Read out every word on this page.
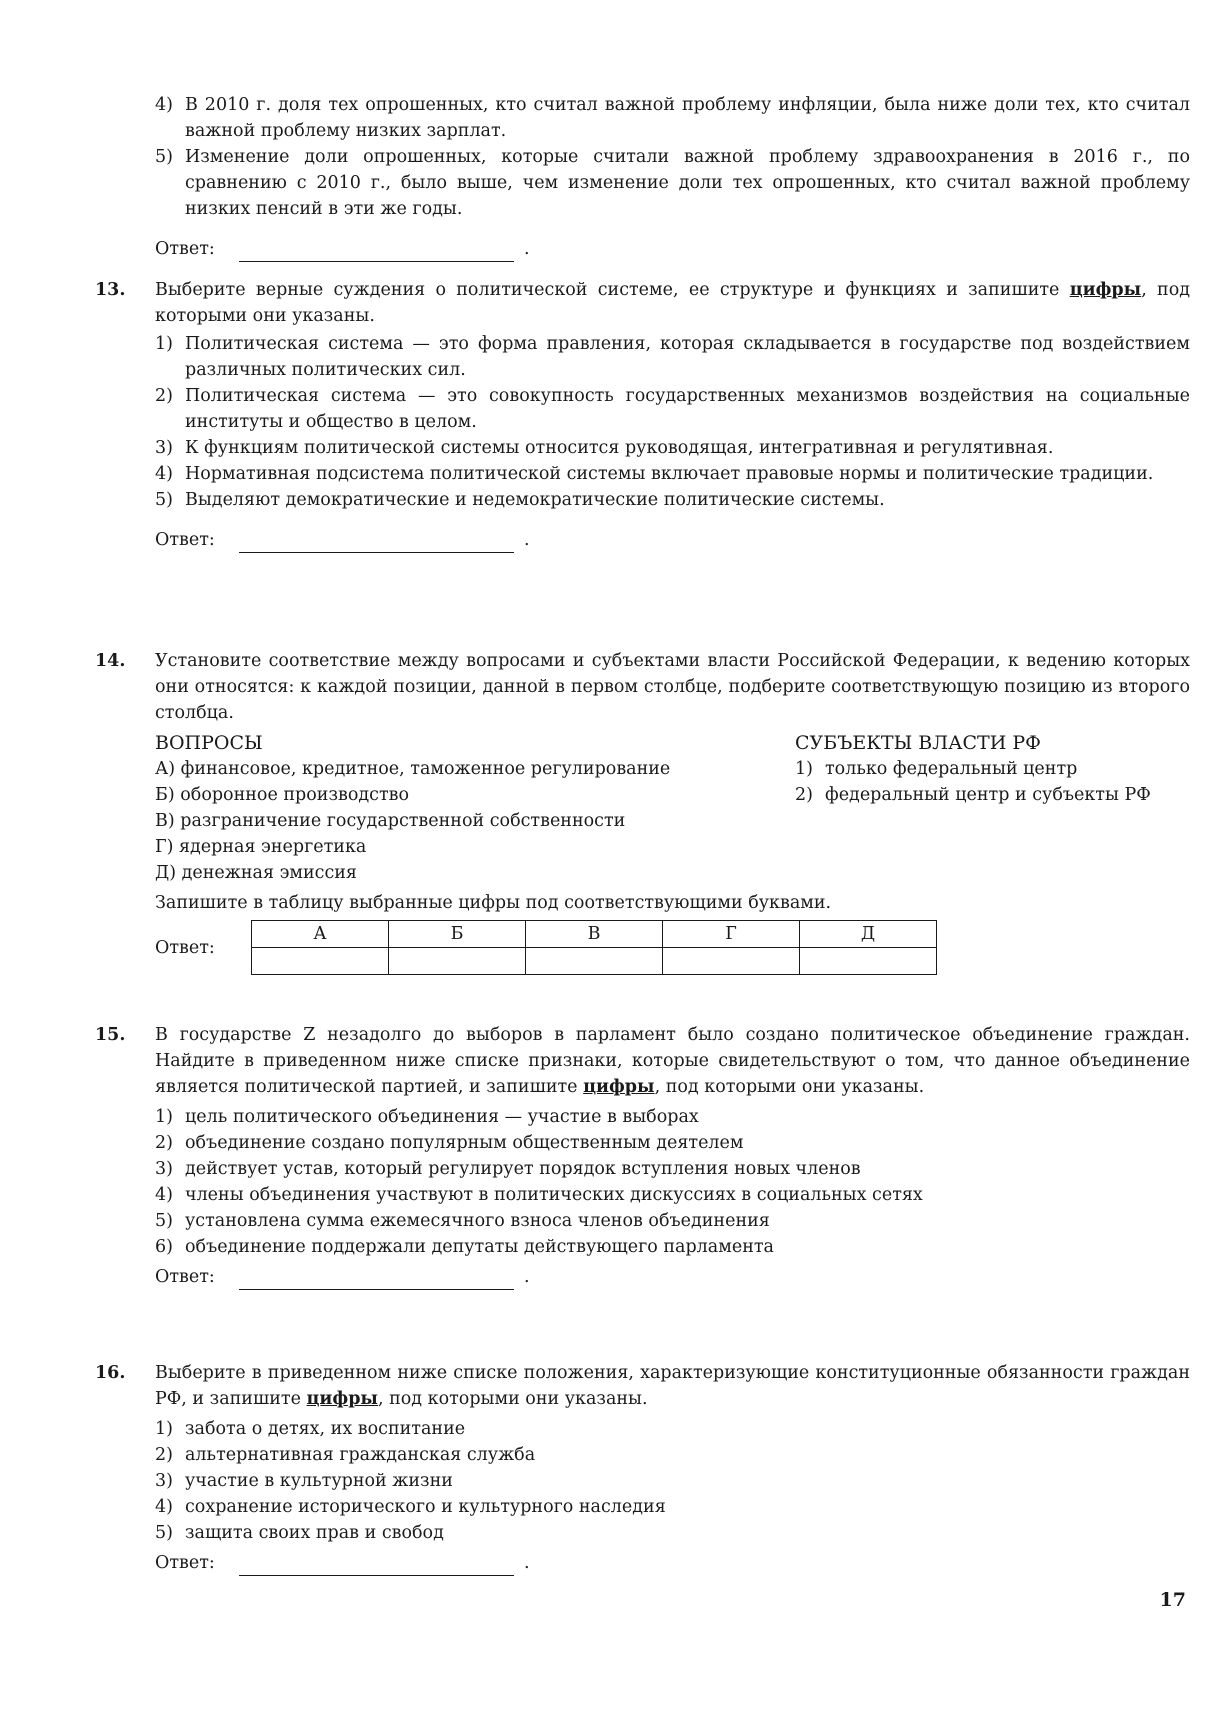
4) В 2010 г. доля тех опрошенных, кто считал важной проблему инфляции, была ниже доли тех, кто считал важной проблему низких зарплат.
5) Изменение доли опрошенных, которые считали важной проблему здравоохранения в 2016 г., по сравнению с 2010 г., было выше, чем изменение доли тех опрошенных, кто считал важной проблему низких пенсий в эти же годы.
Ответ:	.
13. Выберите верные суждения о политической системе, ее структуре и функциях и запишите цифры, под которыми они указаны.

1) Политическая система — это форма правления, которая складывается в государстве под воздействием различных политических сил.
2) Политическая система — это совокупность государственных механизмов воздействия на социальные институты и общество в целом.
3) К функциям политической системы относится руководящая, интегративная и регулятивная.
4) Нормативная подсистема политической системы включает правовые нормы и политические традиции.
5) Выделяют демократические и недемократические политические системы.
Ответ:	.
14. Установите соответствие между вопросами и субъектами власти Российской Федерации, к ведению которых они относятся: к каждой позиции, данной в первом столбце, подберите соответствующую позицию из второго столбца.

ВОПРОСЫ
А) финансовое, кредитное, таможенное регулирование
Б) оборонное производство
В) разграничение государственной собственности
Г) ядерная энергетика
Д) денежная эмиссия
СУБЪЕКТЫ ВЛАСТИ РФ
1) только федеральный центр
2) федеральный центр и субъекты РФ

Запишите в таблицу выбранные цифры под соответствующими буквами.

Ответ:
А	Б	В	Г	Д

15. В государстве Z незадолго до выборов в парламент было создано политическое объединение граждан. Найдите в приведенном ниже списке признаки, которые свидетельствуют о том, что данное объединение является политической партией, и запишите цифры, под которыми они указаны.

1) цель политического объединения — участие в выборах
2) объединение создано популярным общественным деятелем
3) действует устав, который регулирует порядок вступления новых членов
4) члены объединения участвуют в политических дискуссиях в социальных сетях
5) установлена сумма ежемесячного взноса членов объединения
6) объединение поддержали депутаты действующего парламента
Ответ:	.
16. Выберите в приведенном ниже списке положения, характеризующие конституционные обязанности граждан РФ, и запишите цифры, под которыми они указаны.

1) забота о детях, их воспитание
2) альтернативная гражданская служба
3) участие в культурной жизни
4) сохранение исторического и культурного наследия
5) защита своих прав и свобод
Ответ:	.
17
